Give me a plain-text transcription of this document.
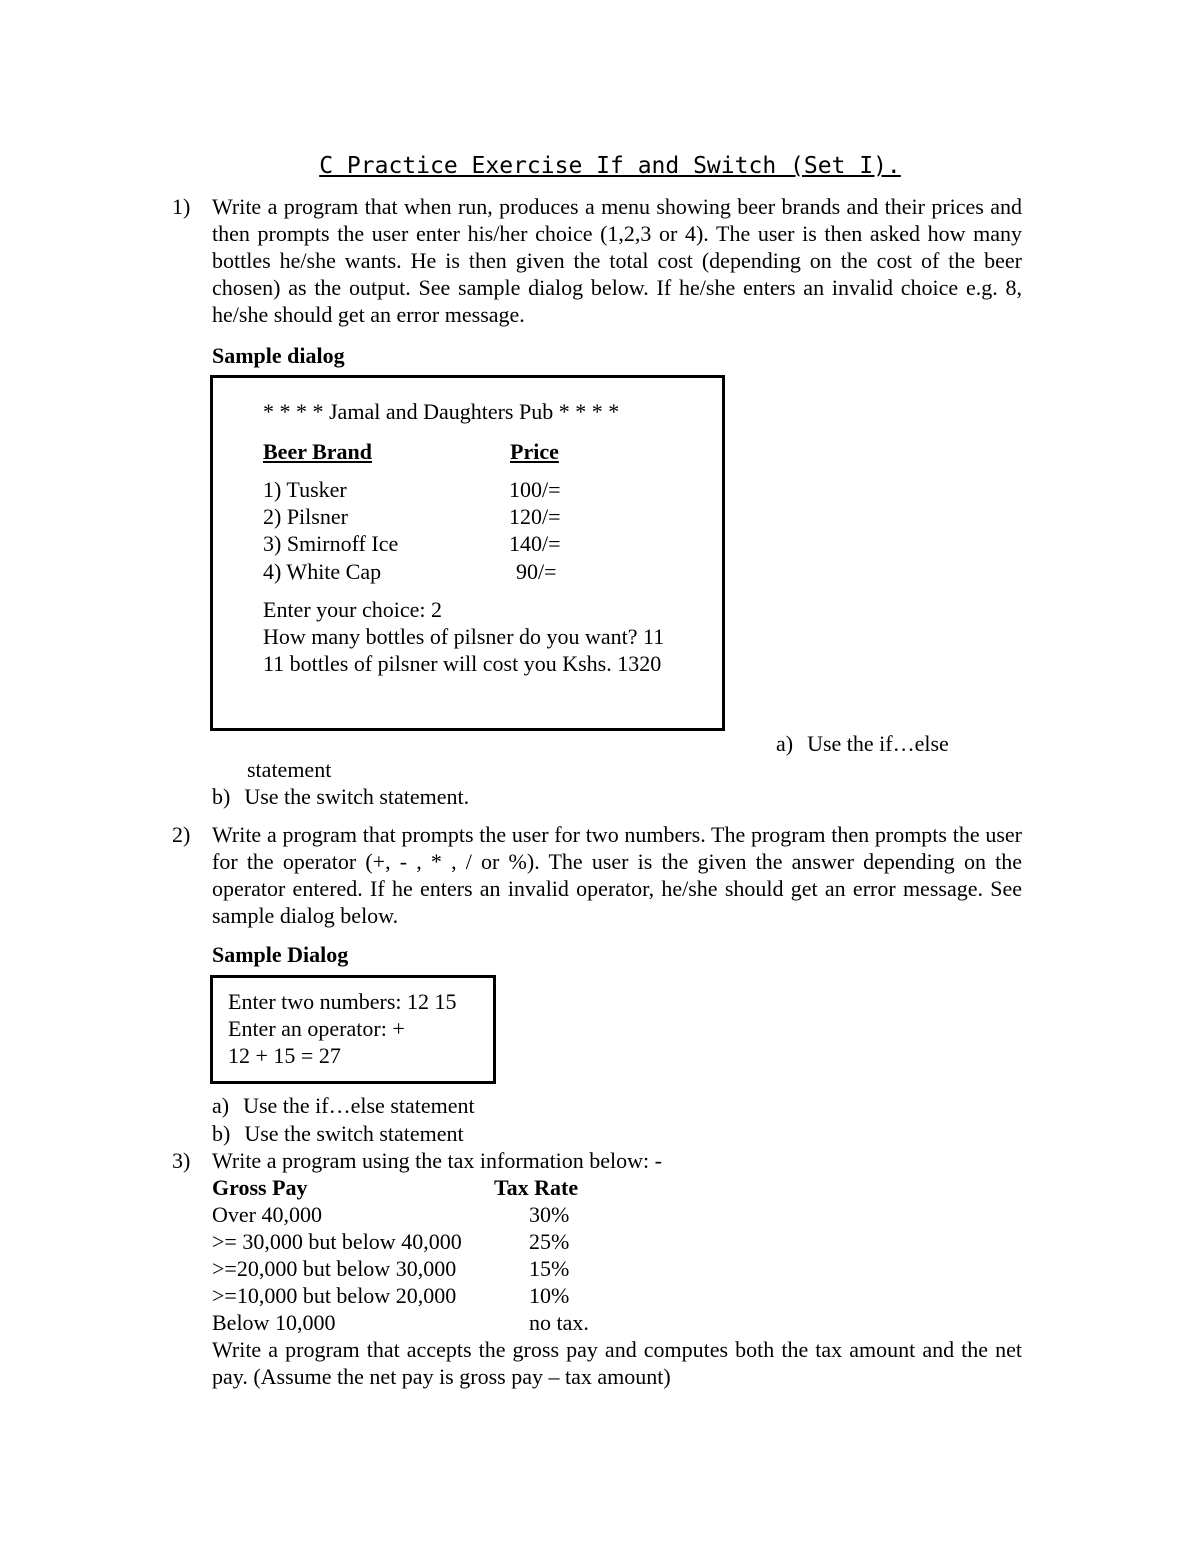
C Practice Exercise If and Switch (Set I).

1) Write a program that when run, produces a menu showing beer brands and their prices and then prompts the user enter his/her choice (1,2,3 or 4). The user is then asked how many bottles he/she wants. He is then given the total cost (depending on the cost of the beer chosen) as the output. See sample dialog below. If he/she enters an invalid choice e.g. 8, he/she should get an error message.

Sample dialog

* * * * Jamal and Daughters Pub * * * *

Beer Brand	Price

1) Tusker	100/=

2) Pilsner	120/=

3) Smirnoff Ice	140/=

4) White Cap	90/=

Enter your choice: 2

How many bottles of pilsner do you want? 11

11 bottles of pilsner will cost you Kshs. 1320

a) Use the if…else

statement

b) Use the switch statement.

2) Write a program that prompts the user for two numbers. The program then prompts the user for the operator (+, - , * , / or %). The user is the given the answer depending on the operator entered. If he enters an invalid operator, he/she should get an error message. See sample dialog below.

Sample Dialog

Enter two numbers: 12 15

Enter an operator: +

12 + 15 = 27

a) Use the if…else statement

b) Use the switch statement

3) Write a program using the tax information below: -

Gross Pay	Tax Rate

Over 40,000	30%

>= 30,000 but below 40,000	25%

>=20,000 but below 30,000	15%

>=10,000 but below 20,000	10%

Below 10,000	no tax.

Write a program that accepts the gross pay and computes both the tax amount and the net pay. (Assume the net pay is gross pay – tax amount)
